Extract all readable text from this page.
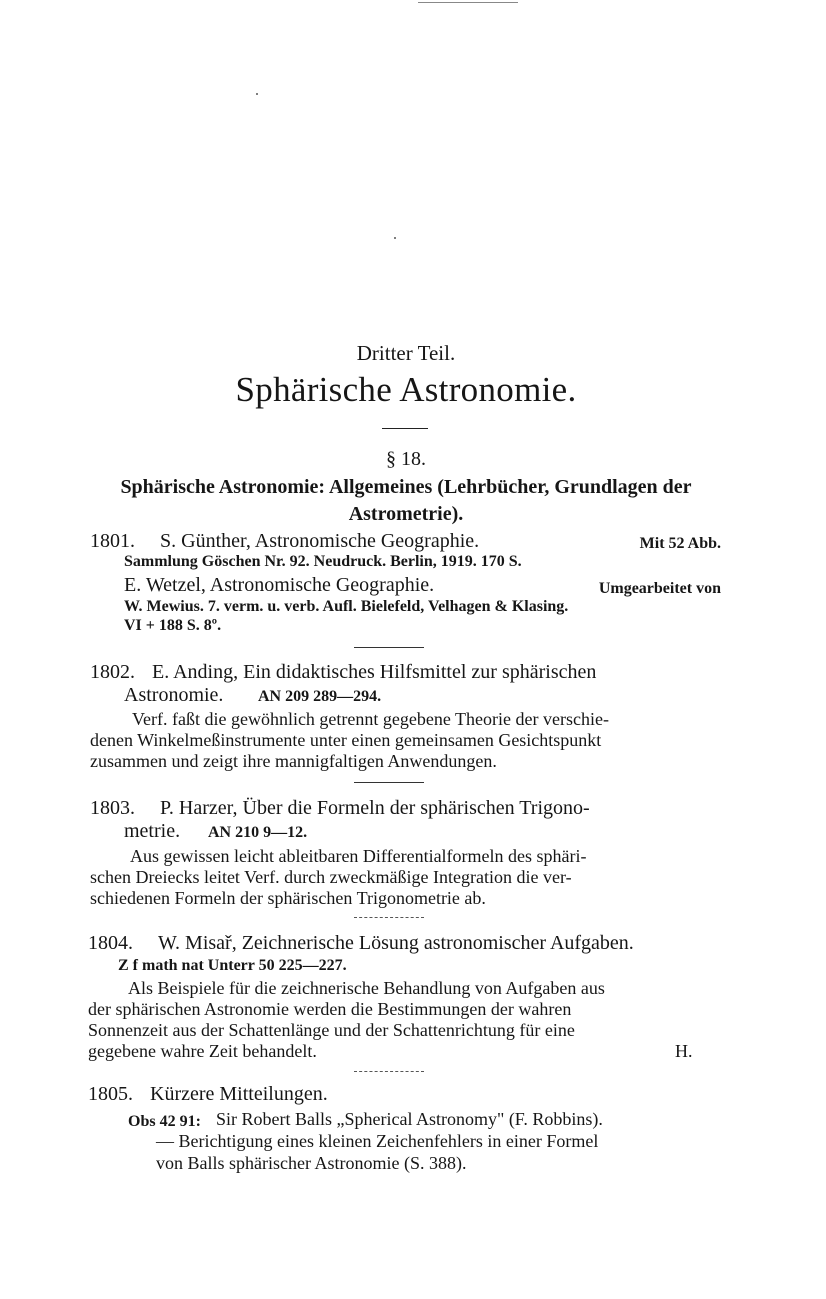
Dritter Teil.
Sphärische Astronomie.
§ 18.
Sphärische Astronomie: Allgemeines (Lehrbücher, Grundlagen der Astrometrie).
1801. S. Günther, Astronomische Geographie.	Mit 52 Abb.
Sammlung Göschen Nr. 92. Neudruck. Berlin, 1919. 170 S.
E. Wetzel, Astronomische Geographie.	Umgearbeitet von
W. Mewius. 7. verm. u. verb. Aufl. Bielefeld, Velhagen & Klasing.
VI + 188 S. 8º.
1802. E. Anding, Ein didaktisches Hilfsmittel zur sphärischen
Astronomie. AN 209 289—294.
Verf. faßt die gewöhnlich getrennt gegebene Theorie der verschie-
denen Winkelmeßinstrumente unter einen gemeinsamen Gesichtspunkt
zusammen und zeigt ihre mannigfaltigen Anwendungen.
1803. P. Harzer, Über die Formeln der sphärischen Trigono-
metrie. AN 210 9—12.
Aus gewissen leicht ableitbaren Differentialformeln des sphäri-
schen Dreiecks leitet Verf. durch zweckmäßige Integration die ver-
schiedenen Formeln der sphärischen Trigonometrie ab.
1804. W. Misař, Zeichnerische Lösung astronomischer Aufgaben.
Z f math nat Unterr 50 225—227.
Als Beispiele für die zeichnerische Behandlung von Aufgaben aus
der sphärischen Astronomie werden die Bestimmungen der wahren
Sonnenzeit aus der Schattenlänge und der Schattenrichtung für eine
gegebene wahre Zeit behandelt.	H.
1805. Kürzere Mitteilungen.
Obs 42 91: Sir Robert Balls „Spherical Astronomy" (F. Robbins).
— Berichtigung eines kleinen Zeichenfehlers in einer Formel
von Balls sphärischer Astronomie (S. 388).
